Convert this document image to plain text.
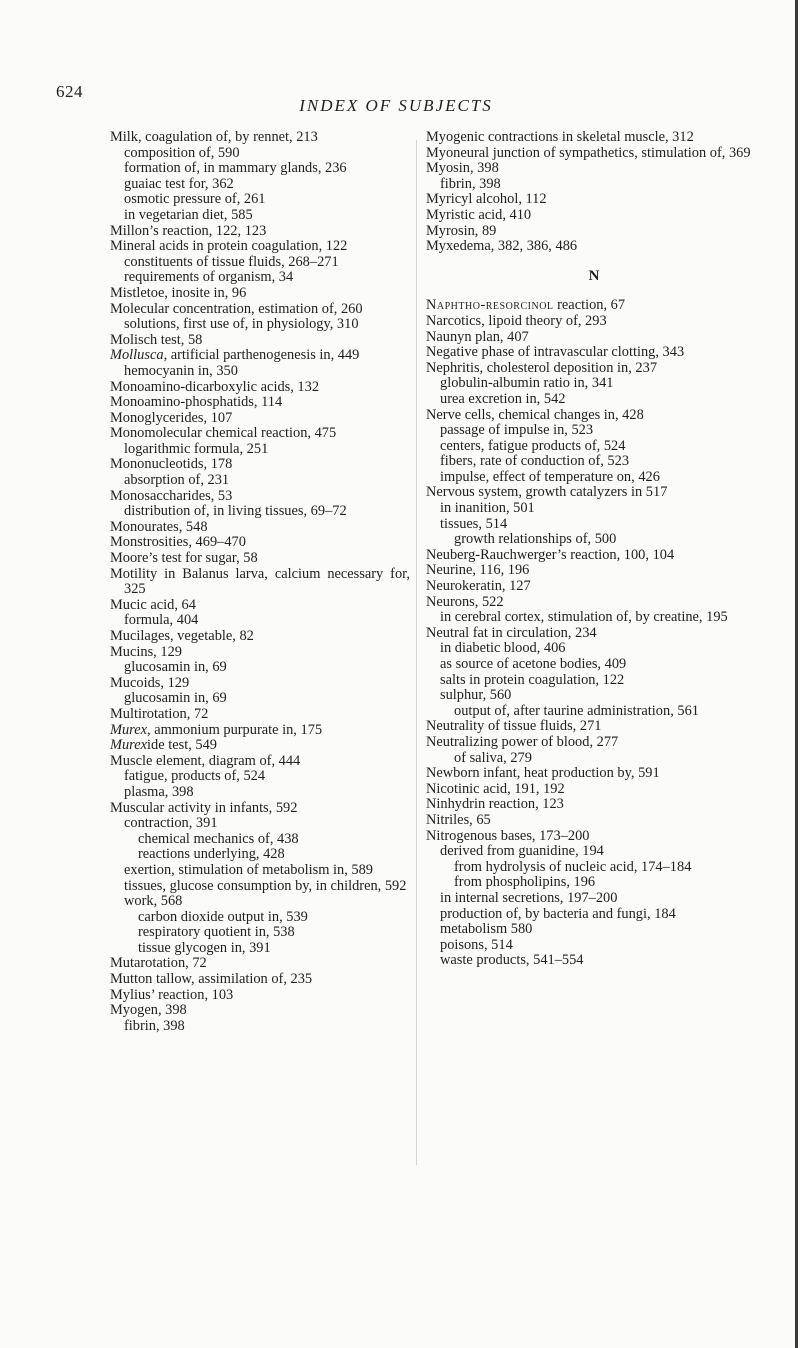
624
INDEX OF SUBJECTS

Milk, coagulation of, by rennet, 213

composition of, 590

formation of, in mammary glands, 236

guaiac test for, 362

osmotic pressure of, 261

in vegetarian diet, 585

Millon’s reaction, 122, 123

Mineral acids in protein coagulation, 122

constituents of tissue fluids, 268–271

requirements of organism, 34

Mistletoe, inosite in, 96

Molecular concentration, estimation of, 260

solutions, first use of, in physiology, 310

Molisch test, 58

Mollusca, artificial parthenogenesis in, 449

hemocyanin in, 350

Monoamino-dicarboxylic acids, 132

Monoamino-phosphatids, 114

Monoglycerides, 107

Monomolecular chemical reaction, 475

logarithmic formula, 251

Mononucleotids, 178

absorption of, 231

Monosaccharides, 53

distribution of, in living tissues, 69–72

Monourates, 548

Monstrosities, 469–470

Moore’s test for sugar, 58

Motility in Balanus larva, calcium necessary for, 325

Mucic acid, 64

formula, 404

Mucilages, vegetable, 82

Mucins, 129

glucosamin in, 69

Mucoids, 129

glucosamin in, 69

Multirotation, 72

Murex, ammonium purpurate in, 175

Murexide test, 549

Muscle element, diagram of, 444

fatigue, products of, 524

plasma, 398

Muscular activity in infants, 592

contraction, 391

chemical mechanics of, 438

reactions underlying, 428

exertion, stimulation of metabolism in, 589

tissues, glucose consumption by, in children, 592

work, 568

carbon dioxide output in, 539

respiratory quotient in, 538

tissue glycogen in, 391

Mutarotation, 72

Mutton tallow, assimilation of, 235

Mylius’ reaction, 103

Myogen, 398

fibrin, 398

Myogenic contractions in skeletal muscle, 312

Myoneural junction of sympathetics, stimulation of, 369

Myosin, 398

fibrin, 398

Myricyl alcohol, 112

Myristic acid, 410

Myrosin, 89

Myxedema, 382, 386, 486

N

Naphtho-resorcinol reaction, 67

Narcotics, lipoid theory of, 293

Naunyn plan, 407

Negative phase of intravascular clotting, 343

Nephritis, cholesterol deposition in, 237

globulin-albumin ratio in, 341

urea excretion in, 542

Nerve cells, chemical changes in, 428

passage of impulse in, 523

centers, fatigue products of, 524

fibers, rate of conduction of, 523

impulse, effect of temperature on, 426

Nervous system, growth catalyzers in 517

in inanition, 501

tissues, 514

growth relationships of, 500

Neuberg-Rauchwerger’s reaction, 100, 104

Neurine, 116, 196

Neurokeratin, 127

Neurons, 522

in cerebral cortex, stimulation of, by creatine, 195

Neutral fat in circulation, 234

in diabetic blood, 406

as source of acetone bodies, 409

salts in protein coagulation, 122

sulphur, 560

output of, after taurine administration, 561

Neutrality of tissue fluids, 271

Neutralizing power of blood, 277

of saliva, 279

Newborn infant, heat production by, 591

Nicotinic acid, 191, 192

Ninhydrin reaction, 123

Nitriles, 65

Nitrogenous bases, 173–200

derived from guanidine, 194

from hydrolysis of nucleic acid, 174–184

from phospholipins, 196

in internal secretions, 197–200

production of, by bacteria and fungi, 184

metabolism 580

poisons, 514

waste products, 541–554
